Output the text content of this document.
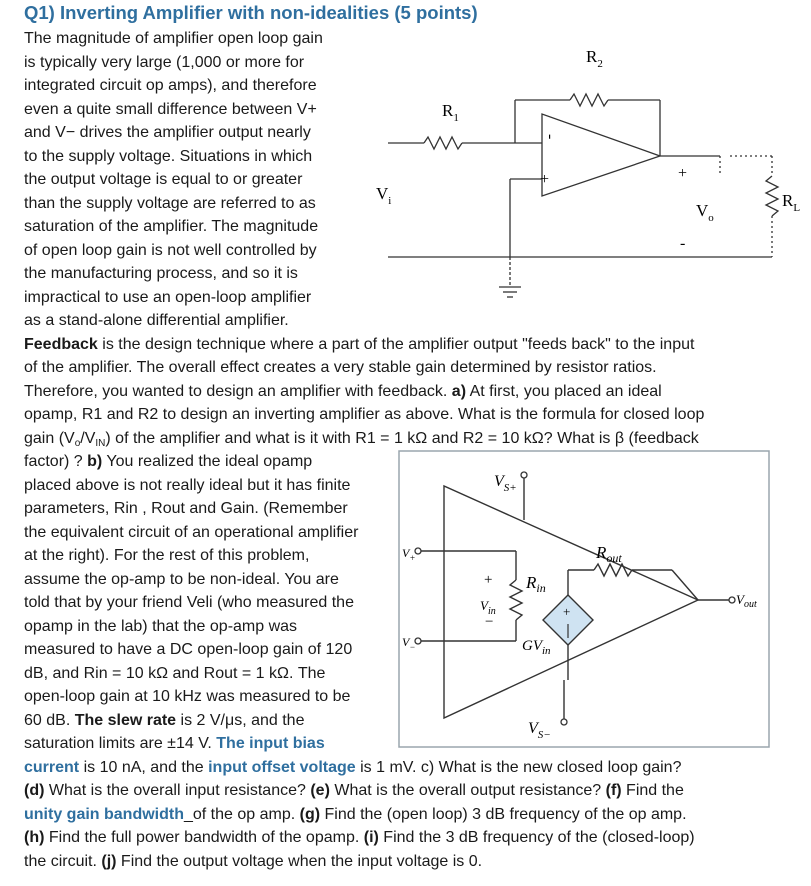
Q1) Inverting Amplifier with non-idealities (5 points)
The magnitude of amplifier open loop gain
is typically very large (1,000 or more for
integrated circuit op amps), and therefore
even a quite small difference between V+
and V− drives the amplifier output nearly
to the supply voltage. Situations in which
the output voltage is equal to or greater
than the supply voltage are referred to as
saturation of the amplifier. The magnitude
of open loop gain is not well controlled by
the manufacturing process, and so it is
impractical to use an open-loop amplifier
as a stand-alone differential amplifier.
Feedback is the design technique where a part of the amplifier output "feeds back" to the input
of the amplifier. The overall effect creates a very stable gain determined by resistor ratios.
Therefore, you wanted to design an amplifier with feedback. a) At first, you placed an ideal
opamp, R1 and R2 to design an inverting amplifier as above. What is the formula for closed loop
gain $(V_o/V_{IN})$ of the amplifier and what is it with R1 = 1 kΩ and R2 = 10 kΩ? What is β (feedback
factor) ? b) You realized the ideal opamp
placed above is not really ideal but it has finite
parameters, Rin , Rout and Gain. (Remember
the equivalent circuit of an operational amplifier
at the right). For the rest of this problem,
assume the op-amp to be non-ideal. You are
told that by your friend Veli (who measured the
opamp in the lab) that the op-amp was
measured to have a DC open-loop gain of 120
dB, and Rin = 10 kΩ and Rout = 1 kΩ. The
open-loop gain at 10 kHz was measured to be
60 dB. The slew rate is 2 V/μs, and the
saturation limits are ±14 V. The input bias
current is 10 nA, and the input offset voltage is 1 mV. c) What is the new closed loop gain?
(d) What is the overall input resistance? (e) What is the overall output resistance? (f) Find the
unity gain bandwidth_of the op amp. (g) Find the (open loop) 3 dB frequency of the op amp.
(h) Find the full power bandwidth of the opamp. (i) Find the 3 dB frequency of the (closed-loop)
the circuit. (j) Find the output voltage when the input voltage is 0.
$R_2$
$R_1$
$V_i$	$V_o$
$R_L$
-
+	+
-
$V_{S+}$
$V_{S-}$
$V_+$
$V_-$
$R_{in}$
$R_{out}$
$V_{in}$
+
−
+
$GV_{in}$
$V_{out}$
